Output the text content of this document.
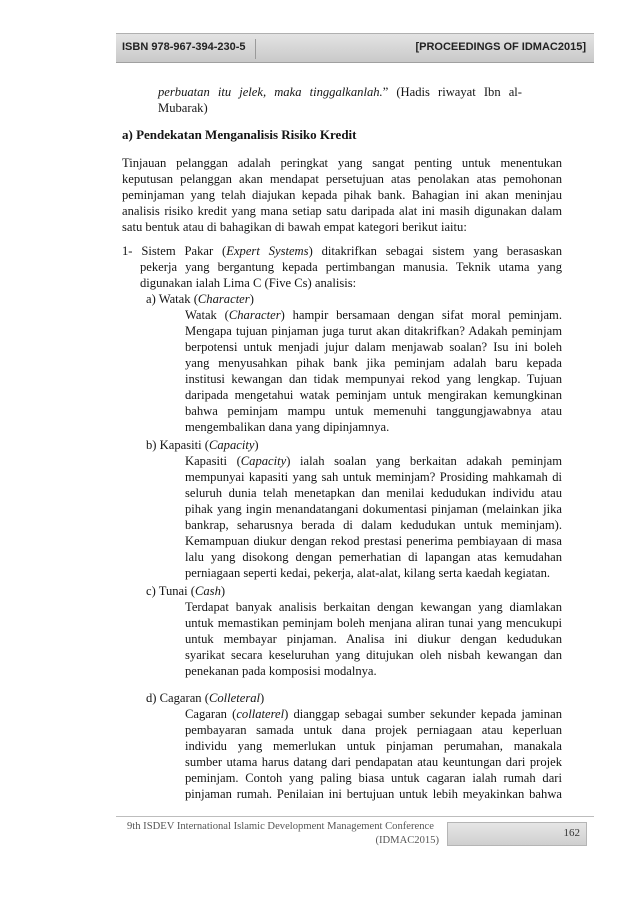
ISBN 978-967-394-230-5	[PROCEEDINGS OF IDMAC2015]
perbuatan itu jelek, maka tinggalkanlah.” (Hadis riwayat Ibn al-
Mubarak)
a) Pendekatan Menganalisis Risiko Kredit
Tinjauan pelanggan adalah peringkat yang sangat penting untuk menentukan
keputusan pelanggan akan mendapat persetujuan atas penolakan atas pemohonan
peminjaman yang telah diajukan kepada pihak bank. Bahagian ini akan meninjau
analisis risiko kredit yang mana setiap satu daripada alat ini masih digunakan dalam
satu bentuk atau di bahagikan di bawah empat kategori berikut iaitu:
1- Sistem Pakar (Expert Systems) ditakrifkan sebagai sistem yang berasaskan
pekerja yang bergantung kepada pertimbangan manusia. Teknik utama yang
digunakan ialah Lima C (Five Cs) analisis:
a) Watak (Character)
Watak (Character) hampir bersamaan dengan sifat moral peminjam.
Mengapa tujuan pinjaman juga turut akan ditakrifkan? Adakah peminjam
berpotensi untuk menjadi jujur dalam menjawab soalan? Isu ini boleh
yang menyusahkan pihak bank jika peminjam adalah baru kepada
institusi kewangan dan tidak mempunyai rekod yang lengkap. Tujuan
daripada mengetahui watak peminjam untuk mengirakan kemungkinan
bahwa peminjam mampu untuk memenuhi tanggungjawabnya atau
mengembalikan dana yang dipinjamnya.
b) Kapasiti (Capacity)
Kapasiti (Capacity) ialah soalan yang berkaitan adakah peminjam
mempunyai kapasiti yang sah untuk meminjam? Prosiding mahkamah di
seluruh dunia telah menetapkan dan menilai kedudukan individu atau
pihak yang ingin menandatangani dokumentasi pinjaman (melainkan jika
bankrap, seharusnya berada di dalam kedudukan untuk meminjam).
Kemampuan diukur dengan rekod prestasi penerima pembiayaan di masa
lalu yang disokong dengan pemerhatian di lapangan atas kemudahan
perniagaan seperti kedai, pekerja, alat-alat, kilang serta kaedah kegiatan.
c) Tunai (Cash)
Terdapat banyak analisis berkaitan dengan kewangan yang diamlakan
untuk memastikan peminjam boleh menjana aliran tunai yang mencukupi
untuk membayar pinjaman. Analisa ini diukur dengan kedudukan
syarikat secara keseluruhan yang ditujukan oleh nisbah kewangan dan
penekanan pada komposisi modalnya.
d) Cagaran (Colleteral)
Cagaran (collaterel) dianggap sebagai sumber sekunder kepada jaminan
pembayaran samada untuk dana projek perniagaan atau keperluan
individu yang memerlukan untuk pinjaman perumahan, manakala
sumber utama harus datang dari pendapatan atau keuntungan dari projek
peminjam. Contoh yang paling biasa untuk cagaran ialah rumah dari
pinjaman rumah. Penilaian ini bertujuan untuk lebih meyakinkan bahwa
9th ISDEV International Islamic Development Management Conference
(IDMAC2015)
162
